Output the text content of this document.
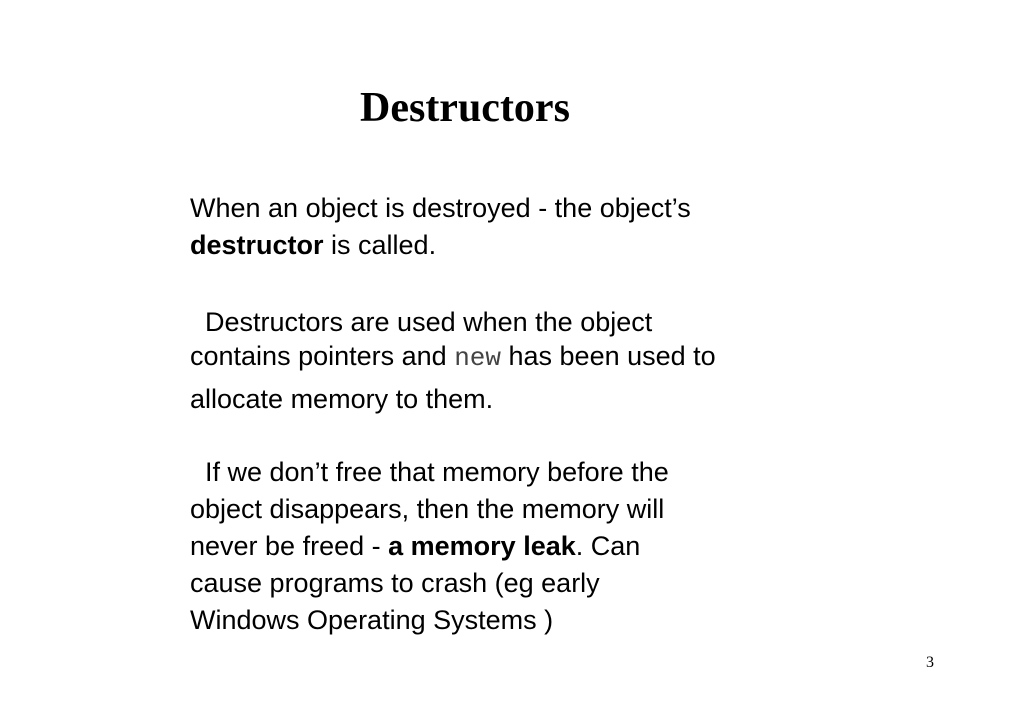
Destructors
When an object is destroyed - the object’s
destructor is called.
Destructors are used when the object
contains pointers and new has been used to
allocate memory to them.
If we don’t free that memory before the
object disappears, then the memory will
never be freed - a memory leak. Can
cause programs to crash (eg early
Windows Operating Systems )
3
